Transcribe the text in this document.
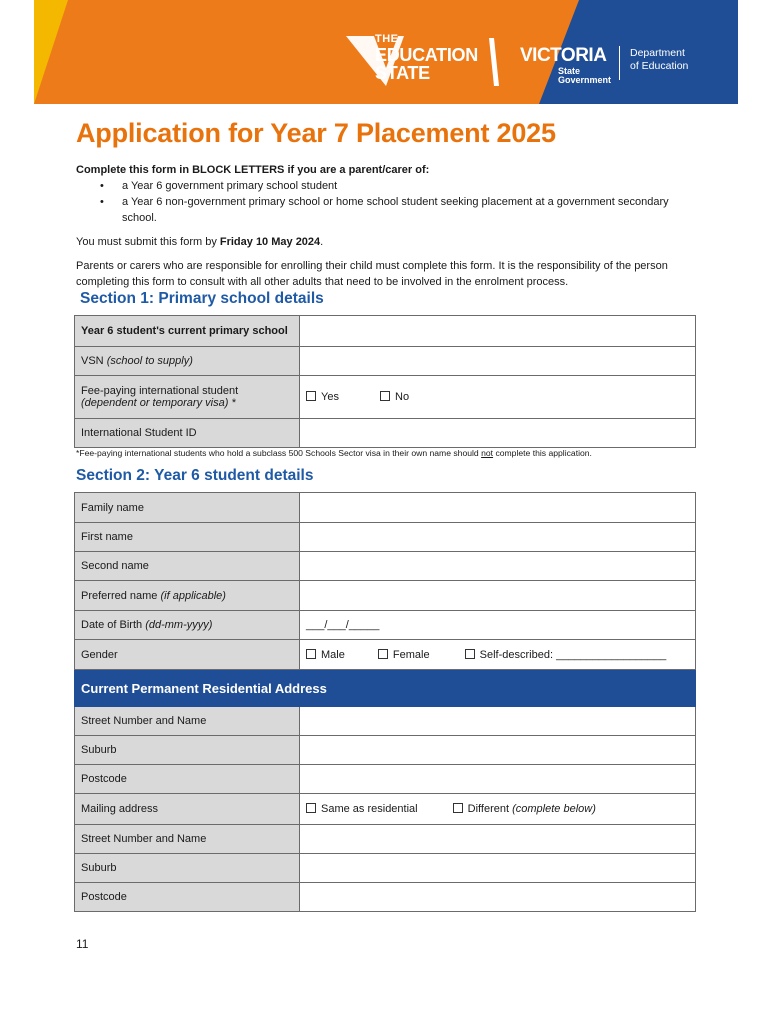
THE
EDUCATION
STATE
VICTORIA
State
Government
Department
of Education
Application for Year 7 Placement 2025

Complete this form in BLOCK LETTERS if you are a parent/carer of:

• a Year 6 government primary school student
• a Year 6 non-government primary school or home school student seeking placement at a government secondary school.

You must submit this form by Friday 10 May 2024.

Parents or carers who are responsible for enrolling their child must complete this form. It is the responsibility of the person completing this form to consult with all other adults that need to be involved in the enrolment process.

Section 1: Primary school details
Year 6 student's current primary school	
VSN (school to supply)	

Fee-paying international student
(dependent or temporary visa) *	Yes No
International Student ID	
*Fee-paying international students who hold a subclass 500 Schools Sector visa in their own name should not complete this application.
Section 2: Year 6 student details
Family name	
First name	
Second name	
Preferred name (if applicable)	
Date of Birth (dd-mm-yyyy)	___/___/_____
Gender	Male Female Self-described: __________________
Current Permanent Residential Address	
Street Number and Name	
Suburb	
Postcode	
Mailing address	Same as residential Different (complete below)
Street Number and Name	
Suburb	
Postcode	
11
